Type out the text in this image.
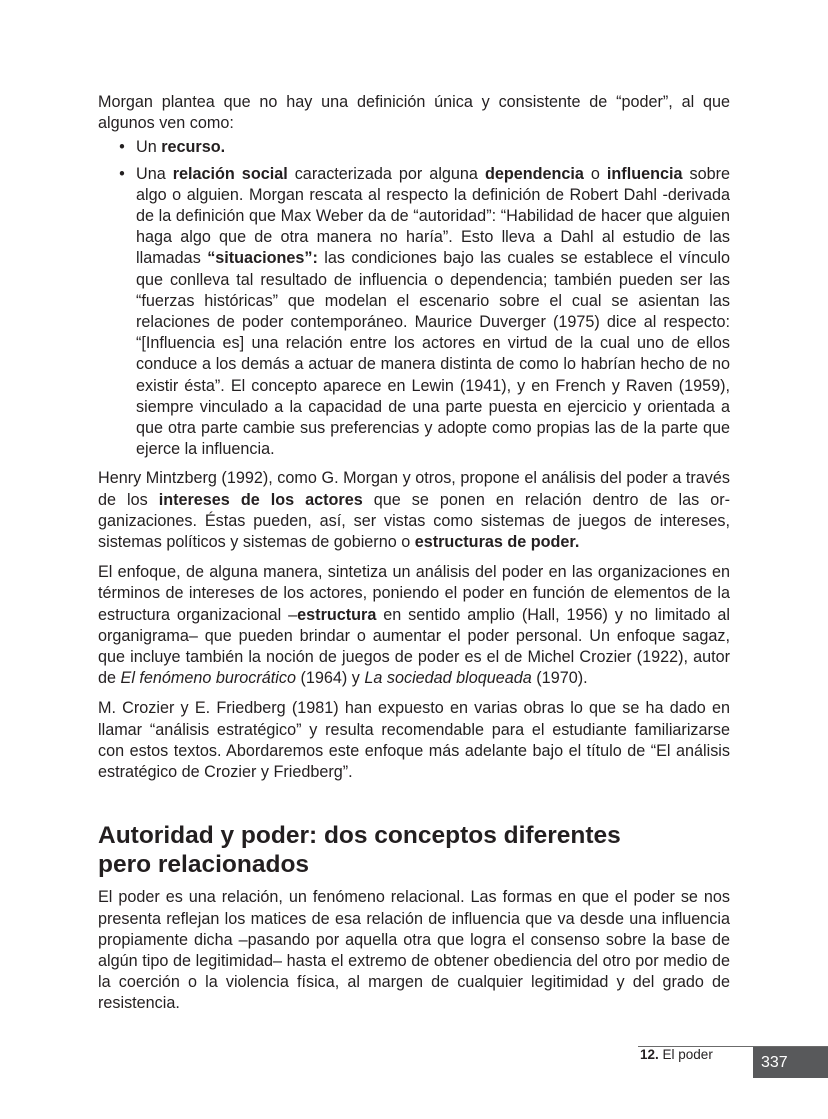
Morgan plantea que no hay una definición única y consistente de “poder”, al que algunos ven como:

• Un recurso.
• Una relación social caracterizada por alguna dependencia o influencia sobre algo o alguien. Morgan rescata al respecto la definición de Robert Dahl -derivada de la definición que Max Weber da de “autoridad”: “Habilidad de hacer que alguien haga algo que de otra manera no haría”. Esto lleva a Dahl al estudio de las llamadas “situaciones”: las condiciones bajo las cuales se establece el vínculo que conlleva tal resultado de influencia o dependencia; también pueden ser las “fuerzas históricas” que modelan el escenario sobre el cual se asientan las relaciones de poder contemporáneo. Maurice Duverger (1975) dice al respecto: “[Influencia es] una relación entre los actores en virtud de la cual uno de ellos conduce a los demás a actuar de manera distinta de como lo habrían hecho de no existir ésta”. El concepto aparece en Lewin (1941), y en French y Raven (1959), siempre vinculado a la capacidad de una parte puesta en ejercicio y orientada a que otra parte cambie sus preferencias y adopte como propias las de la parte que ejerce la influencia.

Henry Mintzberg (1992), como G. Morgan y otros, propone el análisis del poder a través de los intereses de los actores que se ponen en relación dentro de las organizaciones. Éstas pueden, así, ser vistas como sistemas de juegos de intereses, sistemas políticos y sistemas de gobierno o estructuras de poder.

El enfoque, de alguna manera, sintetiza un análisis del poder en las organizaciones en términos de intereses de los actores, poniendo el poder en función de elementos de la estructura organizacional –estructura en sentido amplio (Hall, 1956) y no limitado al organigrama– que pueden brindar o aumentar el poder personal. Un enfoque sagaz, que incluye también la noción de juegos de poder es el de Michel Crozier (1922), autor de El fenómeno burocrático (1964) y La sociedad bloqueada (1970).

M. Crozier y E. Friedberg (1981) han expuesto en varias obras lo que se ha dado en llamar “análisis estratégico” y resulta recomendable para el estudiante familiarizarse con estos textos. Abordaremos este enfoque más adelante bajo el título de “El análisis estratégico de Crozier y Friedberg”.

Autoridad y poder: dos conceptos diferentes
pero relacionados

El poder es una relación, un fenómeno relacional. Las formas en que el poder se nos presenta reflejan los matices de esa relación de influencia que va desde una influencia propiamente dicha –pasando por aquella otra que logra el consenso sobre la base de algún tipo de legitimidad– hasta el extremo de obtener obediencia del otro por medio de la coerción o la violencia física, al margen de cualquier legitimidad y del grado de resistencia.

12. El poder	337
